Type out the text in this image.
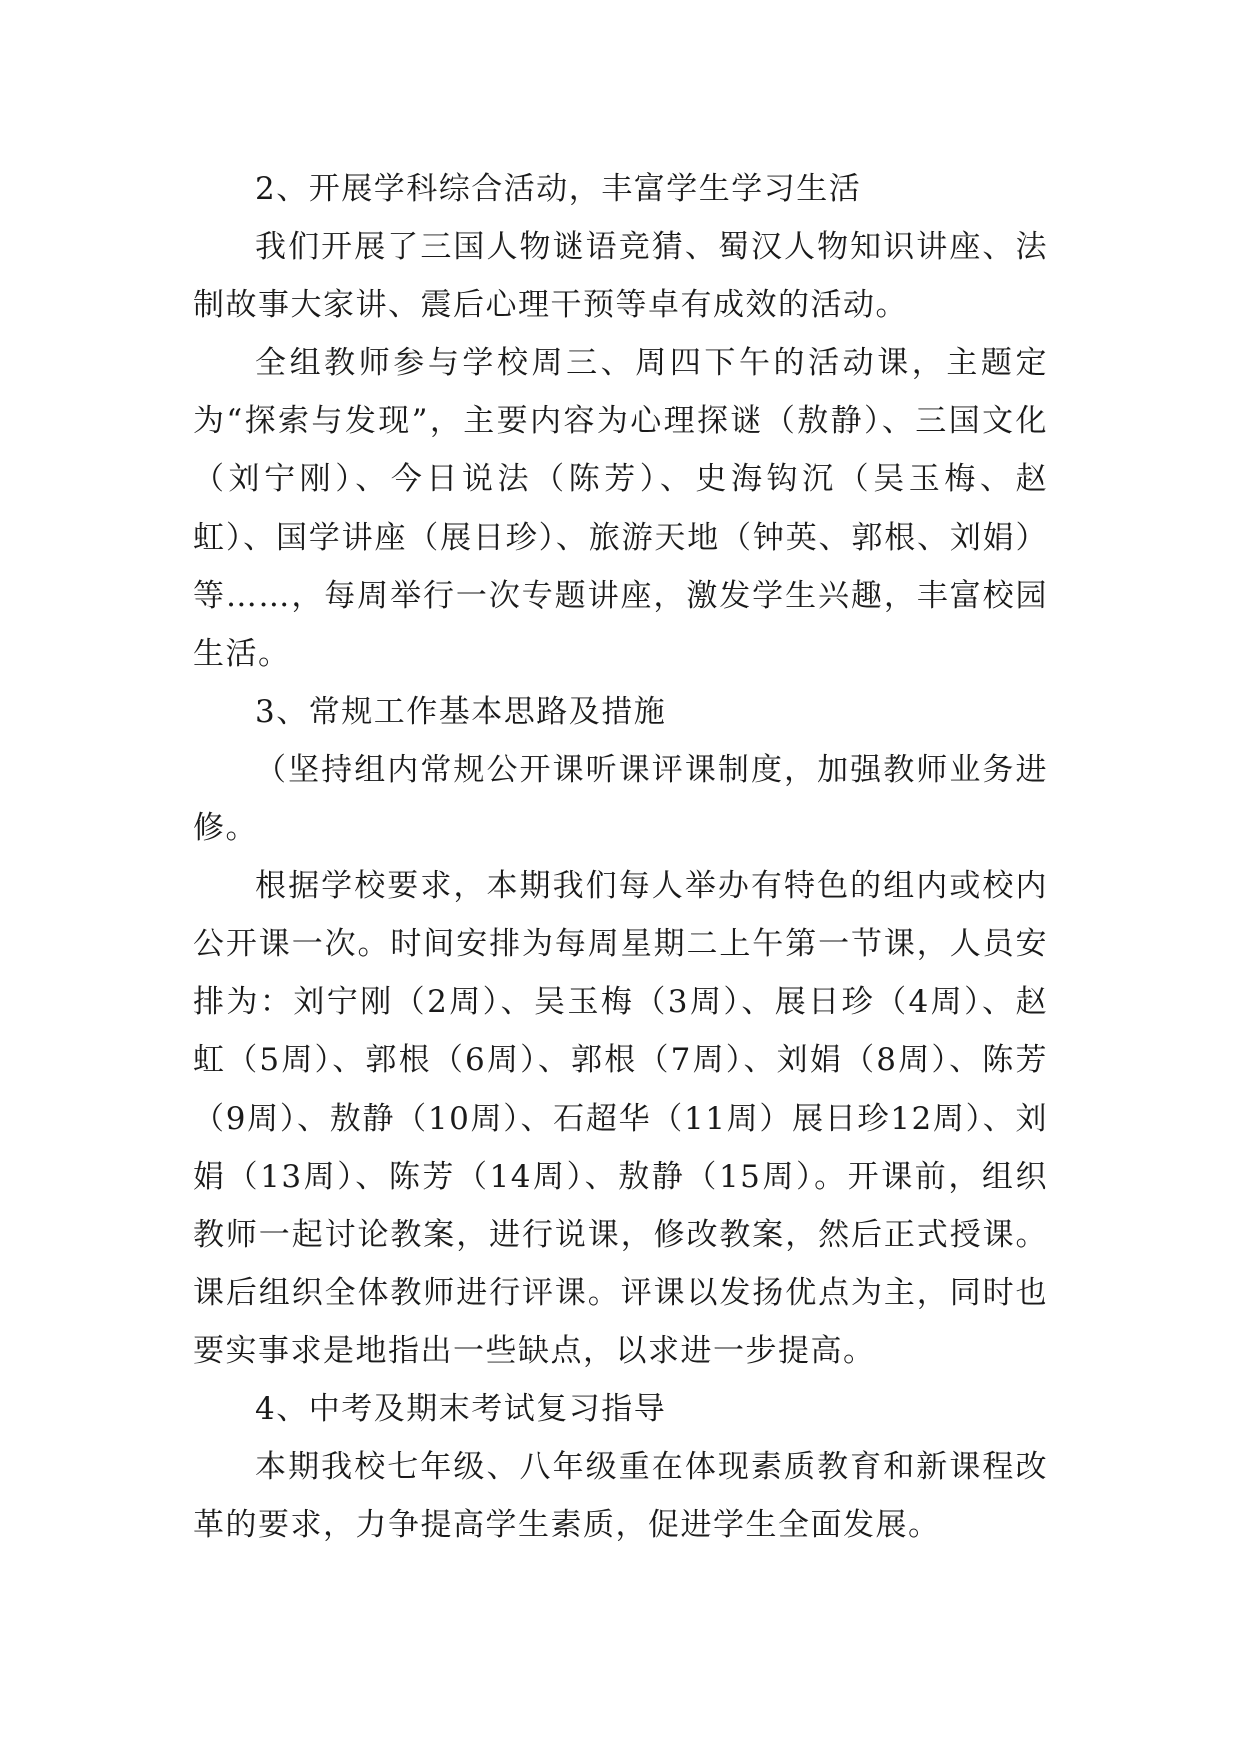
2、开展学科综合活动，丰富学生学习生活

我们开展了三国人物谜语竞猜、蜀汉人物知识讲座、法制故事大家讲、震后心理干预等卓有成效的活动。

全组教师参与学校周三、周四下午的活动课，主题定为“探索与发现”，主要内容为心理探谜（敖静）、三国文化（刘宁刚）、今日说法（陈芳）、史海钩沉（吴玉梅、赵虹）、国学讲座（展日珍）、旅游天地（钟英、郭根、刘娟）等……，每周举行一次专题讲座，激发学生兴趣，丰富校园生活。

3、常规工作基本思路及措施

（坚持组内常规公开课听课评课制度，加强教师业务进修。

根据学校要求，本期我们每人举办有特色的组内或校内公开课一次。时间安排为每周星期二上午第一节课，人员安排为：刘宁刚（2周）、吴玉梅（3周）、展日珍（4周）、赵虹（5周）、郭根（6周）、郭根（7周）、刘娟（8周）、陈芳（9周）、敖静（10周）、石超华（11周）展日珍12周）、刘娟（13周）、陈芳（14周）、敖静（15周）。开课前，组织教师一起讨论教案，进行说课，修改教案，然后正式授课。课后组织全体教师进行评课。评课以发扬优点为主，同时也要实事求是地指出一些缺点，以求进一步提高。

4、中考及期末考试复习指导

本期我校七年级、八年级重在体现素质教育和新课程改革的要求，力争提高学生素质，促进学生全面发展。
